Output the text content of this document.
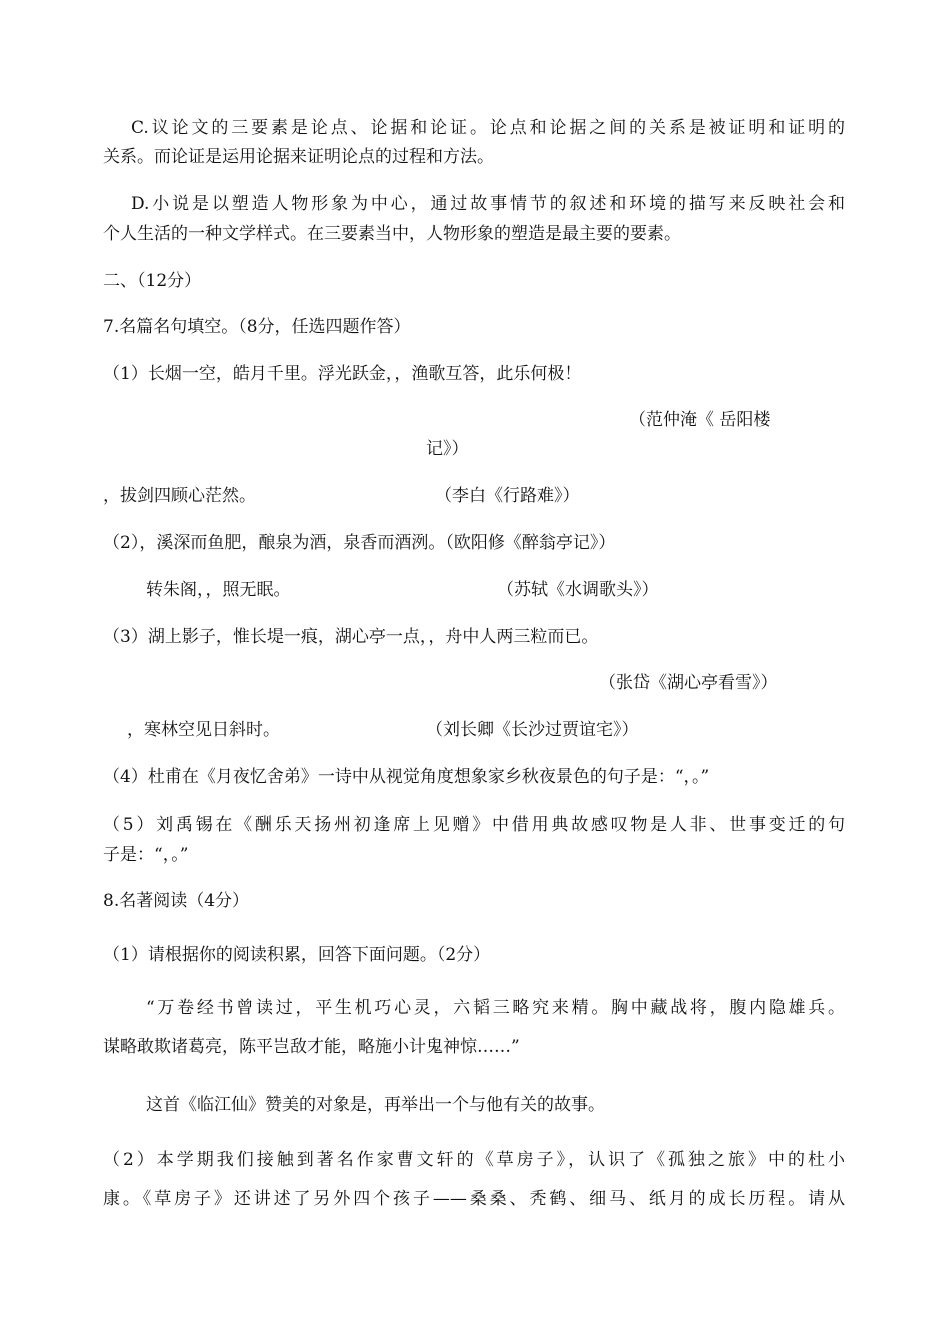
C.议论文的三要素是论点、论据和论证。论点和论据之间的关系是被证明和证明的
关系。而论证是运用论据来证明论点的过程和方法。
D.小说是以塑造人物形象为中心，通过故事情节的叙述和环境的描写来反映社会和
个人生活的一种文学样式。在三要素当中，人物形象的塑造是最主要的要素。
二、（12分）
7.名篇名句填空。（8分，任选四题作答）
（1）长烟一空，皓月千里。浮光跃金，，渔歌互答，此乐何极！
（范仲淹《 岳阳楼
记》）
，拔剑四顾心茫然。	（李白《行路难》）
（2），溪深而鱼肥，酿泉为酒，泉香而酒洌。（欧阳修《醉翁亭记》）
转朱阁，，照无眠。	（苏轼《水调歌头》）
（3）湖上影子，惟长堤一痕，湖心亭一点，，舟中人两三粒而已。
（张岱《湖心亭看雪》）
，寒林空见日斜时。	（刘长卿《长沙过贾谊宅》）
（4）杜甫在《月夜忆舍弟》一诗中从视觉角度想象家乡秋夜景色的句子是：“，。”
（5）刘禹锡在《酬乐天扬州初逢席上见赠》中借用典故感叹物是人非、世事变迁的句
子是：“，。”
8.名著阅读（4分）
（1）请根据你的阅读积累，回答下面问题。（2分）
“万卷经书曾读过，平生机巧心灵，六韬三略究来精。胸中藏战将，腹内隐雄兵。
谋略敢欺诸葛亮，陈平岂敌才能，略施小计鬼神惊……”
这首《临江仙》赞美的对象是，再举出一个与他有关的故事。
（2）本学期我们接触到著名作家曹文轩的《草房子》，认识了《孤独之旅》中的杜小
康。《草房子》还讲述了另外四个孩子——桑桑、秃鹤、细马、纸月的成长历程。请从
